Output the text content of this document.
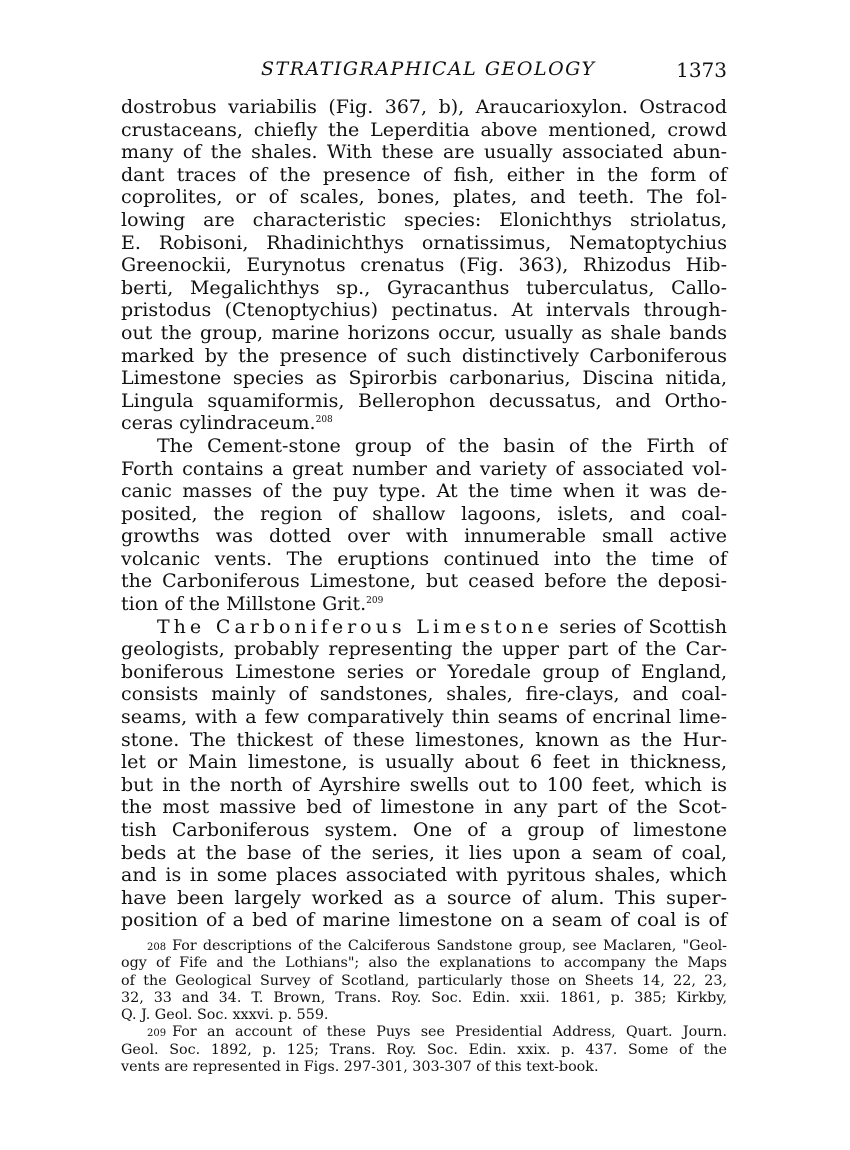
STRATIGRAPHICAL GEOLOGY	1373
dostrobus variabilis (Fig. 367, b), Araucarioxylon. Ostracod
crustaceans, chiefly the Leperditia above mentioned, crowd
many of the shales. With these are usually associated abun-
dant traces of the presence of fish, either in the form of
coprolites, or of scales, bones, plates, and teeth. The fol-
lowing are characteristic species: Elonichthys striolatus,
E. Robisoni, Rhadinichthys ornatissimus, Nematoptychius
Greenockii, Eurynotus crenatus (Fig. 363), Rhizodus Hib-
berti, Megalichthys sp., Gyracanthus tuberculatus, Callo-
pristodus (Ctenoptychius) pectinatus. At intervals through-
out the group, marine horizons occur, usually as shale bands
marked by the presence of such distinctively Carboniferous
Limestone species as Spirorbis carbonarius, Discina nitida,
Lingula squamiformis, Bellerophon decussatus, and Ortho-
ceras cylindraceum.$^{208}$
The Cement-stone group of the basin of the Firth of
Forth contains a great number and variety of associated vol-
canic masses of the puy type. At the time when it was de-
posited, the region of shallow lagoons, islets, and coal-
growths was dotted over with innumerable small active
volcanic vents. The eruptions continued into the time of
the Carboniferous Limestone, but ceased before the deposi-
tion of the Millstone Grit.$^{209}$
The Carboniferous Limestone series of Scottish
geologists, probably representing the upper part of the Car-
boniferous Limestone series or Yoredale group of England,
consists mainly of sandstones, shales, fire-clays, and coal-
seams, with a few comparatively thin seams of encrinal lime-
stone. The thickest of these limestones, known as the Hur-
let or Main limestone, is usually about 6 feet in thickness,
but in the north of Ayrshire swells out to 100 feet, which is
the most massive bed of limestone in any part of the Scot-
tish Carboniferous system. One of a group of limestone
beds at the base of the series, it lies upon a seam of coal,
and is in some places associated with pyritous shales, which
have been largely worked as a source of alum. This super-
position of a bed of marine limestone on a seam of coal is of
208 For descriptions of the Calciferous Sandstone group, see Maclaren, "Geol-
ogy of Fife and the Lothians"; also the explanations to accompany the Maps
of the Geological Survey of Scotland, particularly those on Sheets 14, 22, 23,
32, 33 and 34. T. Brown, Trans. Roy. Soc. Edin. xxii. 1861, p. 385; Kirkby,
Q. J. Geol. Soc. xxxvi. p. 559.
209 For an account of these Puys see Presidential Address, Quart. Journ.
Geol. Soc. 1892, p. 125; Trans. Roy. Soc. Edin. xxix. p. 437. Some of the
vents are represented in Figs. 297-301, 303-307 of this text-book.
